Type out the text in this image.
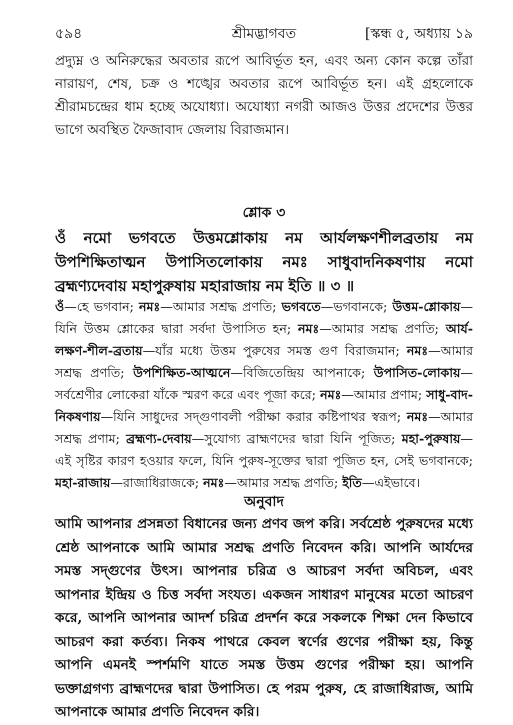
৫৯৪	শ্রীমদ্ভাগবত	[স্কন্ধ ৫, অধ্যায় ১৯
প্রদ্যুম্ন ও অনিরুদ্ধের অবতার রূপে আবির্ভূত হন, এবং অন্য কোন কল্পে তাঁরা নারায়ণ, শেষ, চক্র ও শঙ্খের অবতার রূপে আবির্ভূত হন। এই গ্রহলোকে শ্রীরামচন্দ্রের ধাম হচ্ছে অযোধ্যা। অযোধ্যা নগরী আজও উত্তর প্রদেশের উত্তর ভাগে অবস্থিত ফৈজাবাদ জেলায় বিরাজমান।
শ্লোক ৩
ওঁ নমো ভগবতে উত্তমশ্লোকায় নম আর্যলক্ষণশীলব্রতায় নম উপশিক্ষিতাত্মন উপাসিতলোকায় নমঃ সাধুবাদনিকষণায় নমো ব্রহ্মণ্যদেবায় মহাপুরুষায় মহারাজায় নম ইতি ॥ ৩ ॥
ওঁ—হে ভগবান; নমঃ—আমার সশ্রদ্ধ প্রণতি; ভগবতে—ভগবানকে; উত্তম-শ্লোকায়—যিনি উত্তম শ্লোকের দ্বারা সর্বদা উপাসিত হন; নমঃ—আমার সশ্রদ্ধ প্রণতি; আর্য-লক্ষণ-শীল-ব্রতায়—যাঁর মধ্যে উত্তম পুরুষের সমস্ত গুণ বিরাজমান; নমঃ—আমার সশ্রদ্ধ প্রণতি; উপশিক্ষিত-আত্মনে—বিজিতেন্দ্রিয় আপনাকে; উপাসিত-লোকায়—সর্বশ্রেণীর লোকেরা যাঁকে স্মরণ করে এবং পূজা করে; নমঃ—আমার প্রণাম; সাধু-বাদ-নিকষণায়—যিনি সাধুদের সদ্গুণাবলী পরীক্ষা করার কষ্টিপাথর স্বরূপ; নমঃ—আমার সশ্রদ্ধ প্রণাম; ব্রহ্মণ্য-দেবায়—সুযোগ্য ব্রাহ্মণদের দ্বারা যিনি পূজিত; মহা-পুরুষায়—এই সৃষ্টির কারণ হওয়ার ফলে, যিনি পুরুষ-সূক্তের দ্বারা পূজিত হন, সেই ভগবানকে; মহা-রাজায়—রাজাধিরাজকে; নমঃ—আমার সশ্রদ্ধ প্রণতি; ইতি—এইভাবে।
অনুবাদ
আমি আপনার প্রসন্নতা বিধানের জন্য প্রণব জপ করি। সর্বশ্রেষ্ঠ পুরুষদের মধ্যে শ্রেষ্ঠ আপনাকে আমি আমার সশ্রদ্ধ প্রণতি নিবেদন করি। আপনি আর্যদের সমস্ত সদ্গুণের উৎস। আপনার চরিত্র ও আচরণ সর্বদা অবিচল, এবং আপনার ইন্দ্রিয় ও চিত্ত সর্বদা সংযত। একজন সাধারণ মানুষের মতো আচরণ করে, আপনি আপনার আদর্শ চরিত্র প্রদর্শন করে সকলকে শিক্ষা দেন কিভাবে আচরণ করা কর্তব্য। নিকষ পাথরে কেবল স্বর্ণের গুণের পরীক্ষা হয়, কিন্তু আপনি এমনই স্পর্শমণি যাতে সমস্ত উত্তম গুণের পরীক্ষা হয়। আপনি ভক্তাগ্রগণ্য ব্রাহ্মণদের দ্বারা উপাসিত। হে পরম পুরুষ, হে রাজাধিরাজ, আমি আপনাকে আমার প্রণতি নিবেদন করি।
